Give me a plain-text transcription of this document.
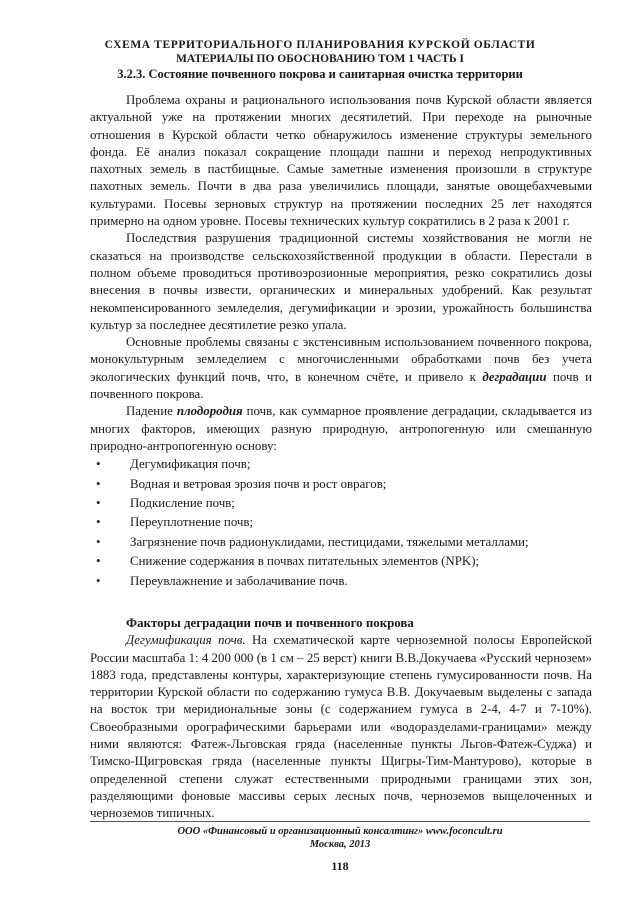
СХЕМА ТЕРРИТОРИАЛЬНОГО ПЛАНИРОВАНИЯ КУРСКОЙ ОБЛАСТИ
МАТЕРИАЛЫ ПО ОБОСНОВАНИЮ ТОМ 1 ЧАСТЬ I
3.2.3. Состояние почвенного покрова и санитарная очистка территории

Проблема охраны и рационального использования почв Курской области является актуальной уже на протяжении многих десятилетий. При переходе на рыночные отношения в Курской области четко обнаружилось изменение структуры земельного фонда. Её анализ показал сокращение площади пашни и переход непродуктивных пахотных земель в пастбищные. Самые заметные изменения произошли в структуре пахотных земель. Почти в два раза увеличились площади, занятые овощебахчевыми культурами. Посевы зерновых структур на протяжении последних 25 лет находятся примерно на одном уровне. Посевы технических культур сократились в 2 раза к 2001 г.

Последствия разрушения традиционной системы хозяйствования не могли не сказаться на производстве сельскохозяйственной продукции в области. Перестали в полном объеме проводиться противоэрозионные мероприятия, резко сократились дозы внесения в почвы извести, органических и минеральных удобрений. Как результат некомпенсированного земледелия, дегумификации и эрозии, урожайность большинства культур за последнее десятилетие резко упала.

Основные проблемы связаны с экстенсивным использованием почвенного покрова, монокультурным земледелием с многочисленными обработками почв без учета экологических функций почв, что, в конечном счёте, и привело к деградации почв и почвенного покрова.

Падение плодородия почв, как суммарное проявление деградации, складывается из многих факторов, имеющих разную природную, антропогенную или смешанную природно-антропогенную основу:

• Дегумификация почв;
• Водная и ветровая эрозия почв и рост оврагов;
• Подкисление почв;
• Переуплотнение почв;
• Загрязнение почв радионуклидами, пестицидами, тяжелыми металлами;
• Снижение содержания в почвах питательных элементов (NPK);
• Переувлажнение и заболачивание почв.

Факторы деградации почв и почвенного покрова

Дегумификация почв. На схематической карте черноземной полосы Европейской России масштаба 1: 4 200 000 (в 1 см – 25 верст) книги В.В.Докучаева «Русский чернозем» 1883 года, представлены контуры, характеризующие степень гумусированности почв. На территории Курской области по содержанию гумуса В.В. Докучаевым выделены с запада на восток три меридиональные зоны (с содержанием гумуса в 2-4, 4-7 и 7-10%). Своеобразными орографическими барьерами или «водоразделами-границами» между ними являются: Фатеж-Льговская гряда (населенные пункты Льгов-Фатеж-Суджа) и Тимско-Щигровская гряда (населенные пункты Щигры-Тим-Мантурово), которые в определенной степени служат естественными природными границами этих зон, разделяющими фоновые массивы серых лесных почв, черноземов выщелоченных и черноземов типичных.

ООО «Финансовый и организационный консалтинг» www.foconcult.ru
Москва, 2013
118
